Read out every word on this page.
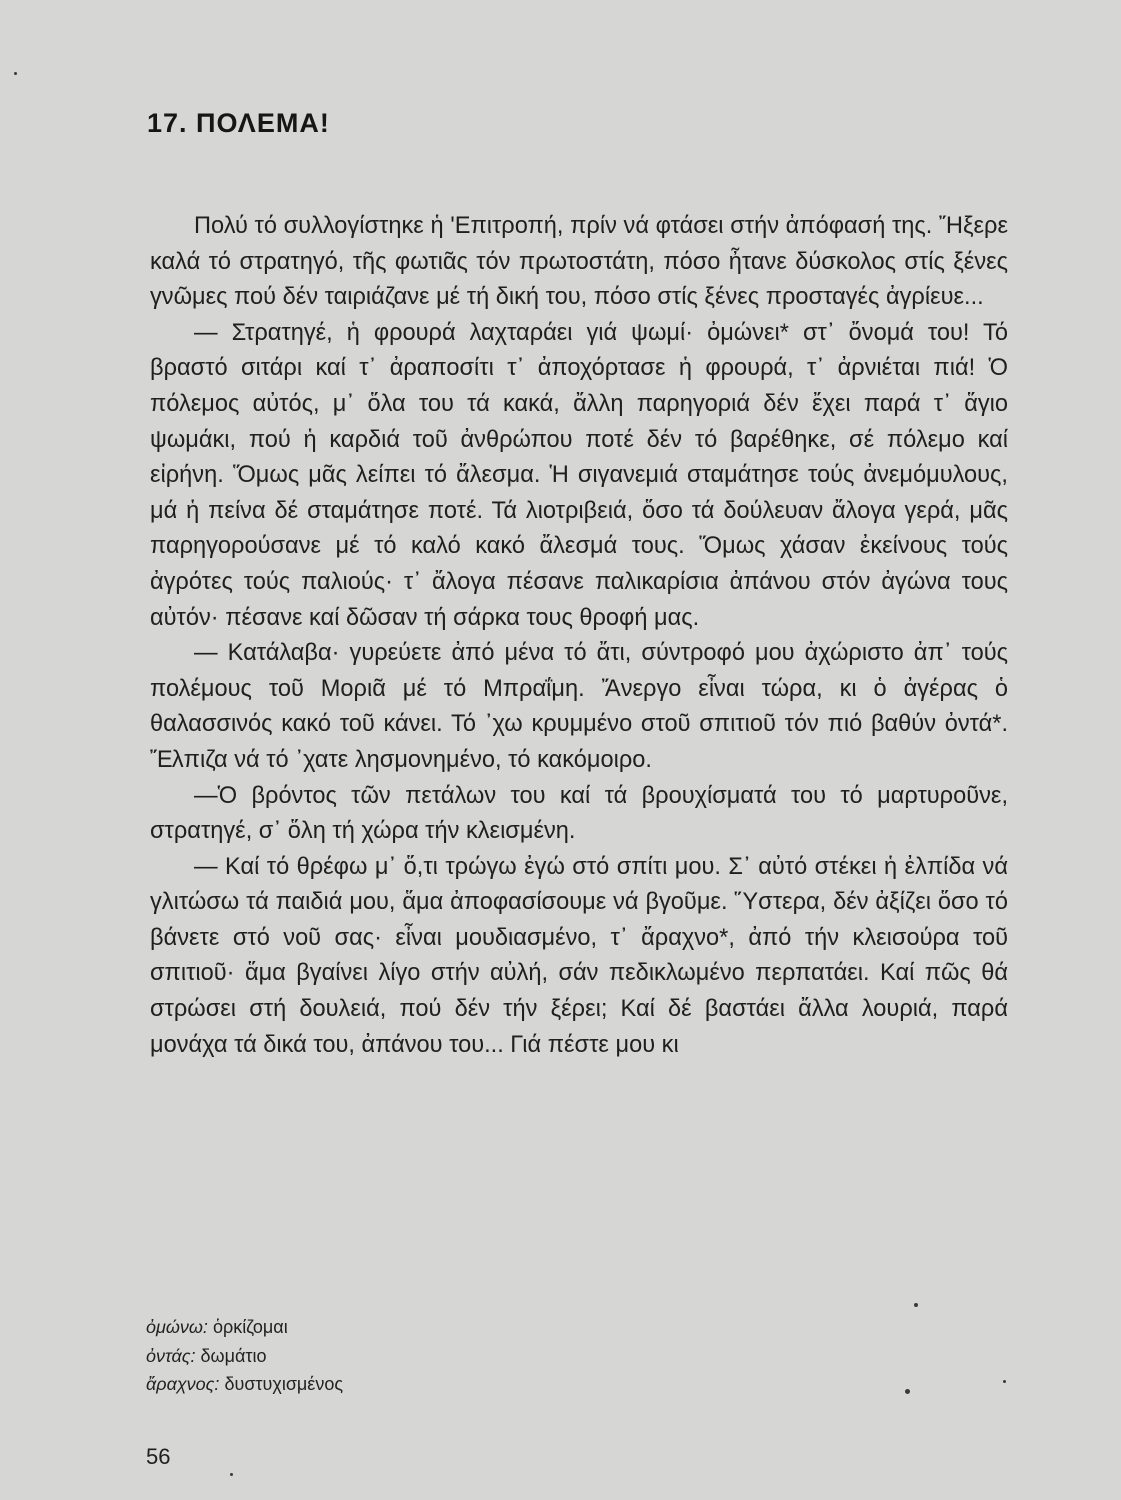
17. ΠΟΛΕΜΑ!

Πολύ τό συλλογίστηκε ἡ 'Επιτροπή, πρίν νά φτάσει στήν ἀπόφασή της. Ἤξερε καλά τό στρατηγό, τῆς φωτιᾶς τόν πρωτοστάτη, πόσο ἦτανε δύσκολος στίς ξένες γνῶμες πού δέν ταιριάζανε μέ τή δική του, πόσο στίς ξένες προσταγές ἀγρίευε...

— Στρατηγέ, ἡ φρουρά λαχταράει γιά ψωμί· ὀμώνει* στ᾿ ὄνομά του! Τό βραστό σιτάρι καί τ᾿ ἀραποσίτι τ᾿ ἀποχόρτασε ἡ φρουρά, τ᾿ ἀρνιέται πιά! Ὁ πόλεμος αὐτός, μ᾿ ὅλα του τά κακά, ἄλλη παρηγοριά δέν ἔχει παρά τ᾿ ἅγιο ψωμάκι, πού ἡ καρδιά τοῦ ἀνθρώπου ποτέ δέν τό βαρέθηκε, σέ πόλεμο καί εἰρήνη. Ὅμως μᾶς λείπει τό ἄλεσμα. Ἡ σιγανεμιά σταμάτησε τούς ἀνεμόμυλους, μά ἡ πείνα δέ σταμάτησε ποτέ. Τά λιοτριβειά, ὅσο τά δούλευαν ἄλογα γερά, μᾶς παρηγορούσανε μέ τό καλό κακό ἄλεσμά τους. Ὅμως χάσαν ἐκείνους τούς ἀγρότες τούς παλιούς· τ᾿ ἄλογα πέσανε παλικαρίσια ἀπάνου στόν ἀγώνα τους αὐτόν· πέσανε καί δῶσαν τή σάρκα τους θροφή μας.

— Κατάλαβα· γυρεύετε ἀπό μένα τό ἄτι, σύντροφό μου ἀχώριστο ἀπ᾿ τούς πολέμους τοῦ Μοριᾶ μέ τό Μπραΐμη. Ἄνεργο εἶναι τώρα, κι ὁ ἀγέρας ὁ θαλασσινός κακό τοῦ κάνει. Τό ᾿χω κρυμμένο στοῦ σπιτιοῦ τόν πιό βαθύν ὀντά*. Ἔλπιζα νά τό ᾿χατε λησμονημένο, τό κακόμοιρο.

—Ὁ βρόντος τῶν πετάλων του καί τά βρουχίσματά του τό μαρτυροῦνε, στρατηγέ, σ᾿ ὅλη τή χώρα τήν κλεισμένη.

— Καί τό θρέφω μ᾿ ὅ,τι τρώγω ἐγώ στό σπίτι μου. Σ᾿ αὐτό στέκει ἡ ἐλπίδα νά γλιτώσω τά παιδιά μου, ἅμα ἀποφασίσουμε νά βγοῦμε. Ὕστερα, δέν ἀξίζει ὅσο τό βάνετε στό νοῦ σας· εἶναι μουδιασμένο, τ᾿ ἄραχνο*, ἀπό τήν κλεισούρα τοῦ σπιτιοῦ· ἅμα βγαίνει λίγο στήν αὐλή, σάν πεδικλωμένο περπατάει. Καί πῶς θά στρώσει στή δουλειά, πού δέν τήν ξέρει; Καί δέ βαστάει ἄλλα λουριά, παρά μονάχα τά δικά του, ἀπάνου του... Γιά πέστε μου κι

ὀμώνω: ὁρκίζομαι
ὀντάς: δωμάτιο
ἄραχνος: δυστυχισμένος
56
